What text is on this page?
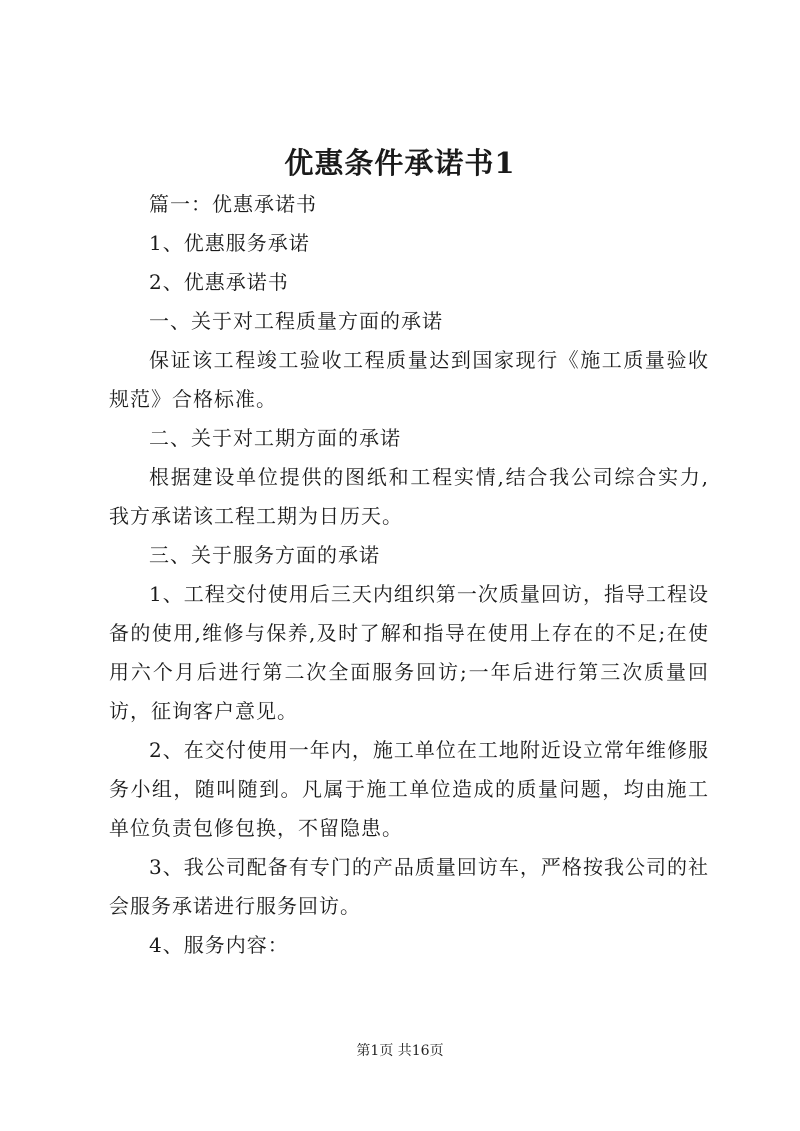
优惠条件承诺书1

篇一：优惠承诺书

1、优惠服务承诺

2、优惠承诺书

一、关于对工程质量方面的承诺

保证该工程竣工验收工程质量达到国家现行《施工质量验收规范》合格标准。

二、关于对工期方面的承诺

根据建设单位提供的图纸和工程实情,结合我公司综合实力,我方承诺该工程工期为日历天。

三、关于服务方面的承诺

1、工程交付使用后三天内组织第一次质量回访，指导工程设备的使用,维修与保养,及时了解和指导在使用上存在的不足;在使用六个月后进行第二次全面服务回访;一年后进行第三次质量回访，征询客户意见。

2、在交付使用一年内，施工单位在工地附近设立常年维修服务小组，随叫随到。凡属于施工单位造成的质量问题，均由施工单位负责包修包换，不留隐患。

3、我公司配备有专门的产品质量回访车，严格按我公司的社会服务承诺进行服务回访。

4、服务内容：

第1页 共16页
